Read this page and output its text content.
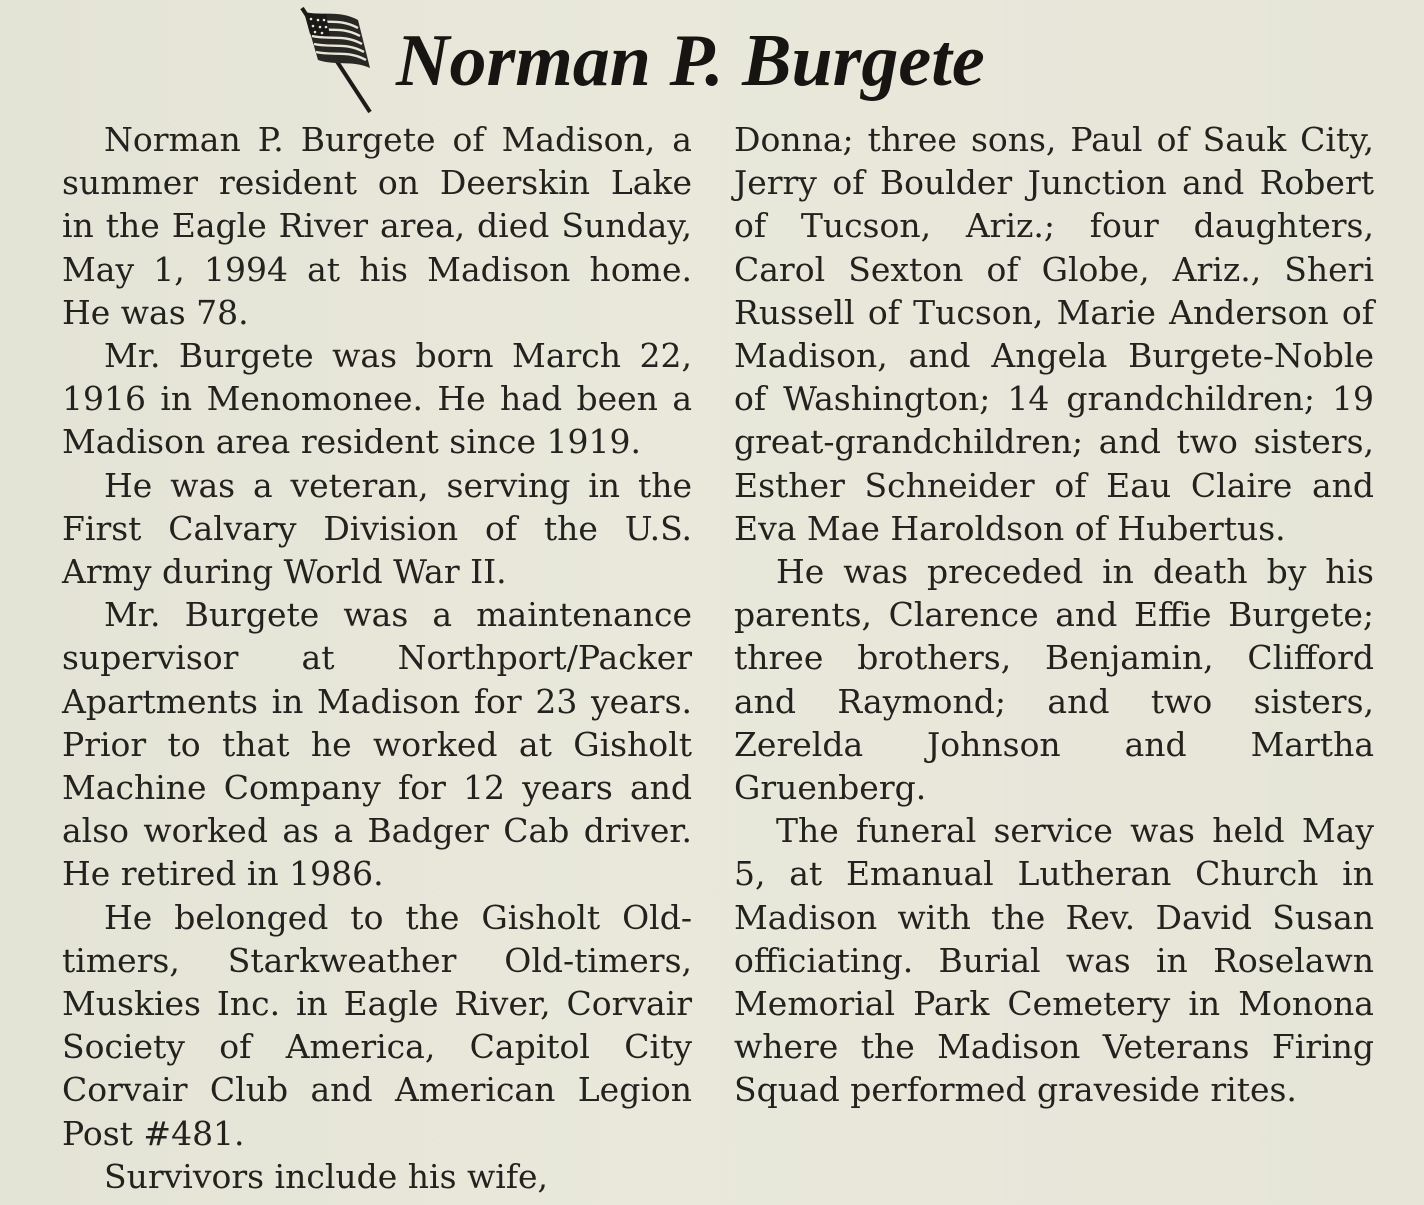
Norman P. Burgete

Norman P. Burgete of Madison, a summer resident on Deerskin Lake in the Eagle River area, died Sunday, May 1, 1994 at his Madison home. He was 78.

Mr. Burgete was born March 22, 1916 in Menomonee. He had been a Madison area resident since 1919.

He was a veteran, serving in the First Calvary Division of the U.S. Army during World War II.

Mr. Burgete was a maintenance supervisor at Northport/Packer Apartments in Madison for 23 years. Prior to that he worked at Gisholt Machine Company for 12 years and also worked as a Badger Cab driver. He retired in 1986.

He belonged to the Gisholt Old-timers, Starkweather Old-timers, Muskies Inc. in Eagle River, Corvair Society of America, Capitol City Corvair Club and American Legion Post #481.

Survivors include his wife,

Donna; three sons, Paul of Sauk City, Jerry of Boulder Junction and Robert of Tucson, Ariz.; four daughters, Carol Sexton of Globe, Ariz., Sheri Russell of Tucson, Marie Anderson of Madison, and Angela Burgete-Noble of Washington; 14 grandchildren; 19 great-grandchildren; and two sisters, Esther Schneider of Eau Claire and Eva Mae Haroldson of Hubertus.

He was preceded in death by his parents, Clarence and Effie Burgete; three brothers, Benjamin, Clifford and Raymond; and two sisters, Zerelda Johnson and Martha Gruenberg.

The funeral service was held May 5, at Emanual Lutheran Church in Madison with the Rev. David Susan officiating. Burial was in Roselawn Memorial Park Cemetery in Monona where the Madison Veterans Firing Squad performed graveside rites.
